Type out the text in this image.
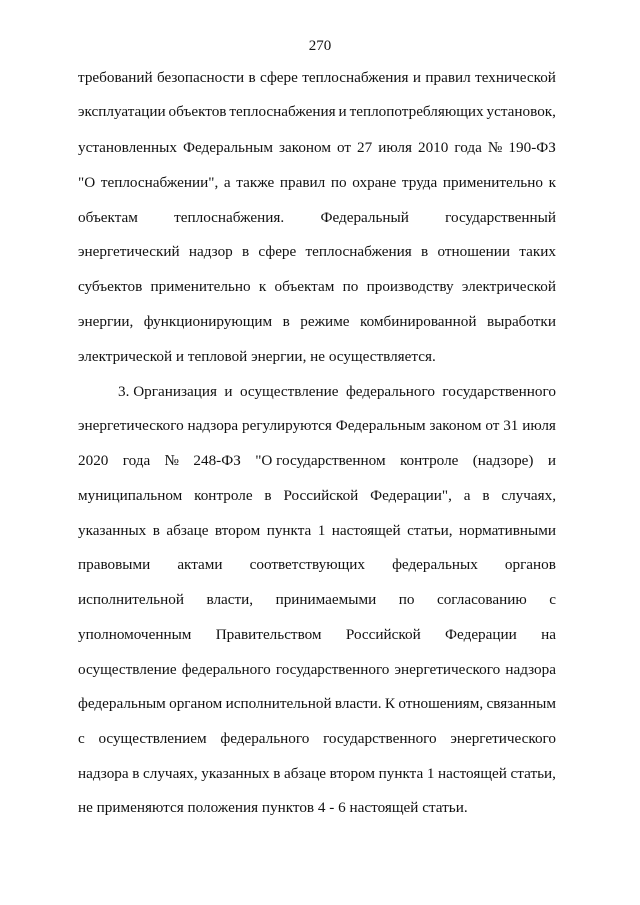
270
требований безопасности в сфере теплоснабжения и правил технической
эксплуатации объектов теплоснабжения и теплопотребляющих установок,
установленных Федеральным законом от 27 июля 2010 года № 190-ФЗ
"О теплоснабжении", а также правил по охране труда применительно к
объектам теплоснабжения. Федеральный государственный
энергетический надзор в сфере теплоснабжения в отношении таких
субъектов применительно к объектам по производству электрической
энергии, функционирующим в режиме комбинированной выработки
электрической и тепловой энергии, не осуществляется.
3. Организация и осуществление федерального государственного
энергетического надзора регулируются Федеральным законом от 31 июля
2020 года № 248-ФЗ "О государственном контроле (надзоре) и
муниципальном контроле в Российской Федерации", а в случаях,
указанных в абзаце втором пункта 1 настоящей статьи, нормативными
правовыми актами соответствующих федеральных органов
исполнительной власти, принимаемыми по согласованию с
уполномоченным Правительством Российской Федерации на
осуществление федерального государственного энергетического надзора
федеральным органом исполнительной власти. К отношениям, связанным
с осуществлением федерального государственного энергетического
надзора в случаях, указанных в абзаце втором пункта 1 настоящей статьи,
не применяются положения пунктов 4 - 6 настоящей статьи.
